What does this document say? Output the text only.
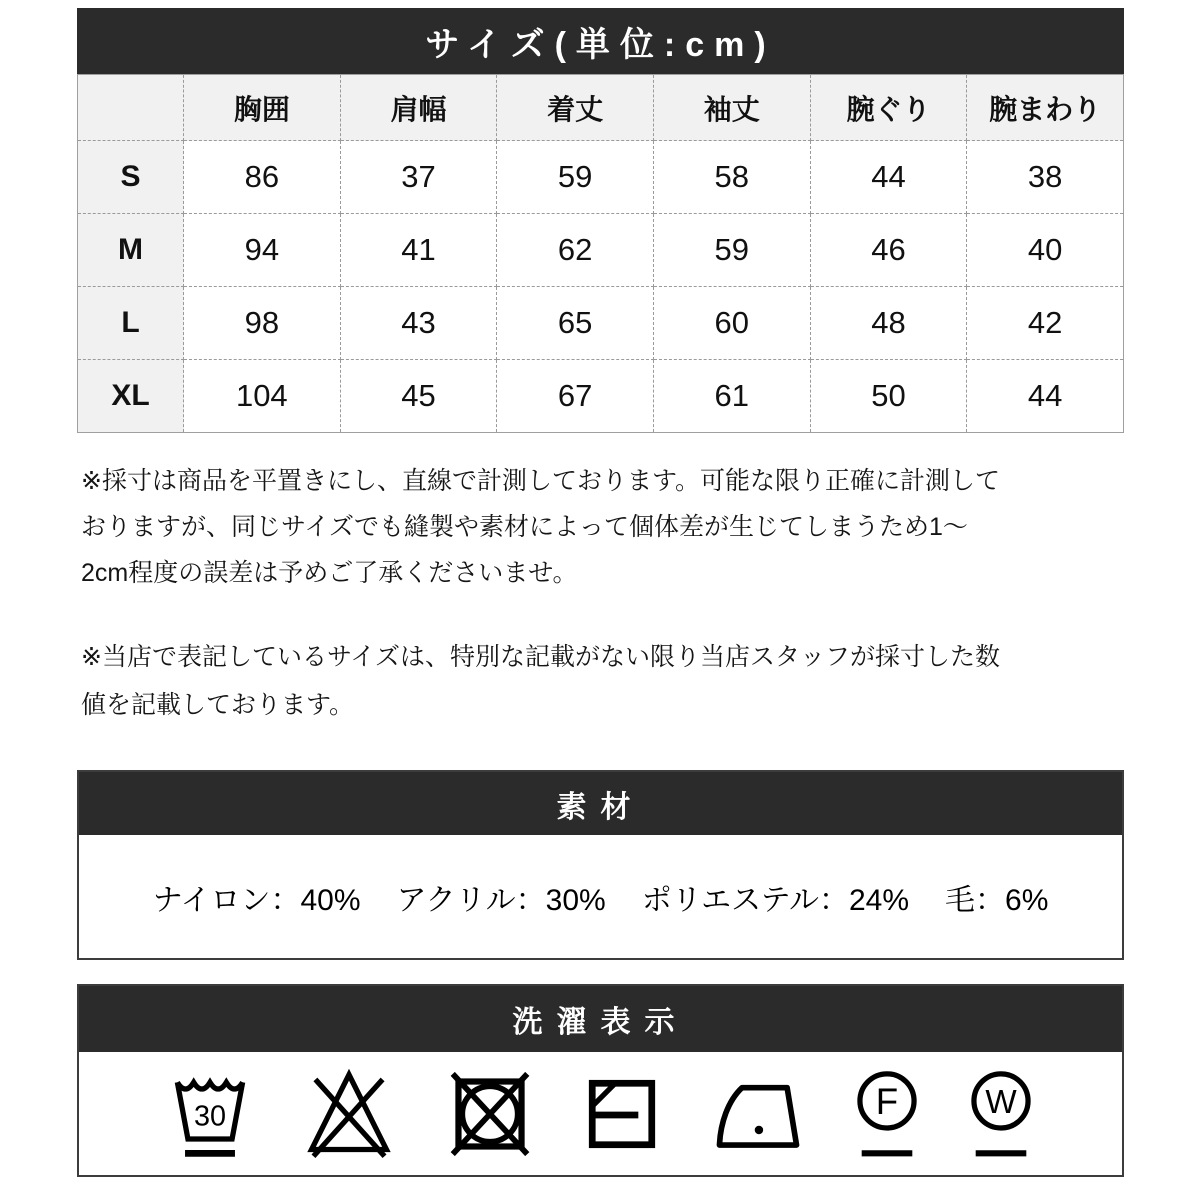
サイズ(単位:cm)
	胸囲	肩幅	着丈	袖丈	腕ぐり	腕まわり
S	86	37	59	58	44	38
M	94	41	62	59	46	40
L	98	43	65	60	48	42
XL	104	45	67	61	50	44
※採寸は商品を平置きにし、直線で計測しております。可能な限り正確に計測して
おりますが、同じサイズでも縫製や素材によって個体差が生じてしまうため1～
2cm程度の誤差は予めご了承くださいませ。
※当店で表記しているサイズは、特別な記載がない限り当店スタッフが採寸した数
値を記載しております。
素材
ナイロン：40% アクリル：30% ポリエステル：24% 毛：6%
洗濯表示
30	F W
